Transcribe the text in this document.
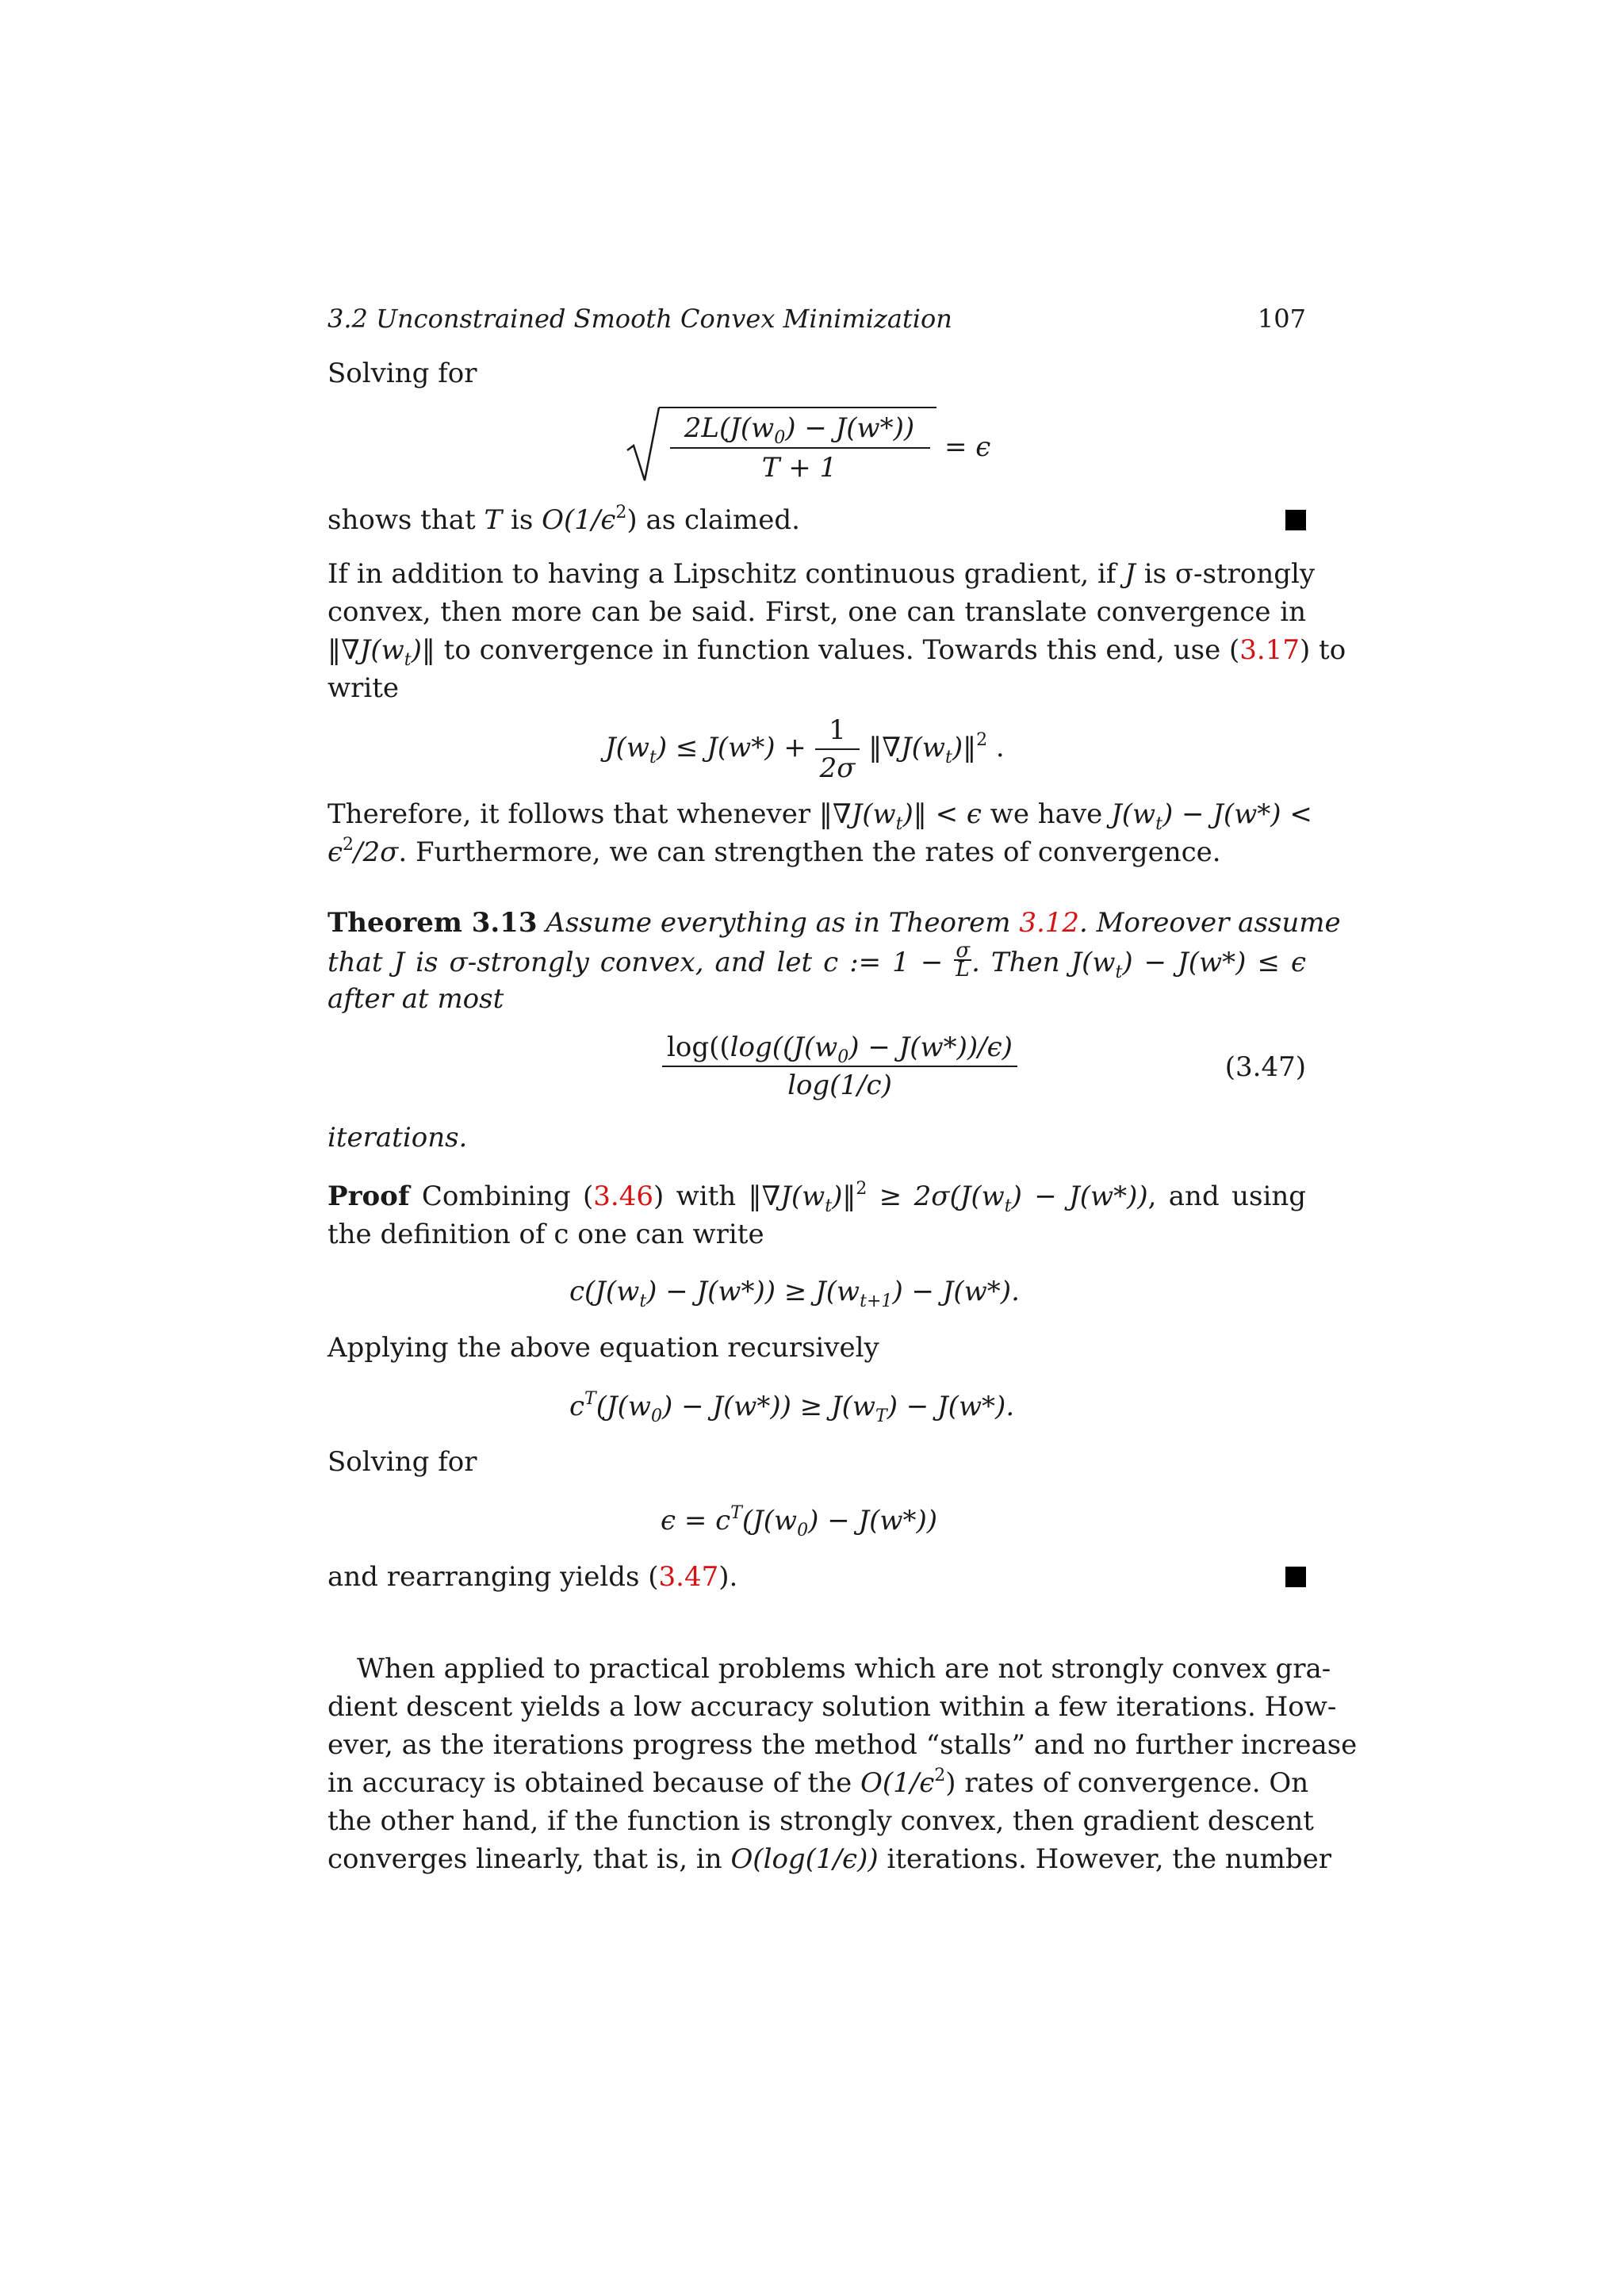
3.2 Unconstrained Smooth Convex Minimization	107
Solving for
$2L(J(w_0) - J(w*))$
T + 1
= ϵ
shows that T is $O(1/\epsilon^2)$ as claimed.
If in addition to having a Lipschitz continuous gradient, if J is σ-strongly
convex, then more can be said. First, one can translate convergence in
$‖\nabla J(w_t)‖$ to convergence in function values. Towards this end, use (3.17) to
write
$J(w_t) \le J(w*) + \frac{1}{2\sigma}$ $‖\nabla J(w_t)‖^2$ .
Therefore, it follows that whenever $‖\nabla J(w_t)‖ < \epsilon$ we have $J(w_t) - J(w*)$ <
$\epsilon^2/2\sigma$. Furthermore, we can strengthen the rates of convergence.
Theorem 3.13 Assume everything as in Theorem 3.12. Moreover assume
that J is σ-strongly convex, and let c := $1 - \frac{\sigma}{L}$ . Then $J(w_t) - J(w*) \le \epsilon$
after at most
$\frac{\log((\log((J(w_0) - J(w*))/\epsilon)}{\log(1/c)}$	(3.47)
iterations.
Proof Combining (3.46) with $‖\nabla J(w_t)‖^2 \ge 2\sigma(J(w_t) - J(w*))$, and using
the definition of c one can write
$c(J(w_t) - J(w*)) \ge J(w_{t+1}) - J(w*)$.
Applying the above equation recursively
$c^T(J(w_0) - J(w*)) \ge J(w_T) - J(w*)$.
Solving for
$\epsilon = c^T(J(w_0) - J(w*))$
and rearranging yields (3.47).
When applied to practical problems which are not strongly convex gra-
dient descent yields a low accuracy solution within a few iterations. How-
ever, as the iterations progress the method “stalls” and no further increase
in accuracy is obtained because of the $O(1/\epsilon^2)$ rates of convergence. On
the other hand, if the function is strongly convex, then gradient descent
converges linearly, that is, in O(log(1/ϵ)) iterations. However, the number
